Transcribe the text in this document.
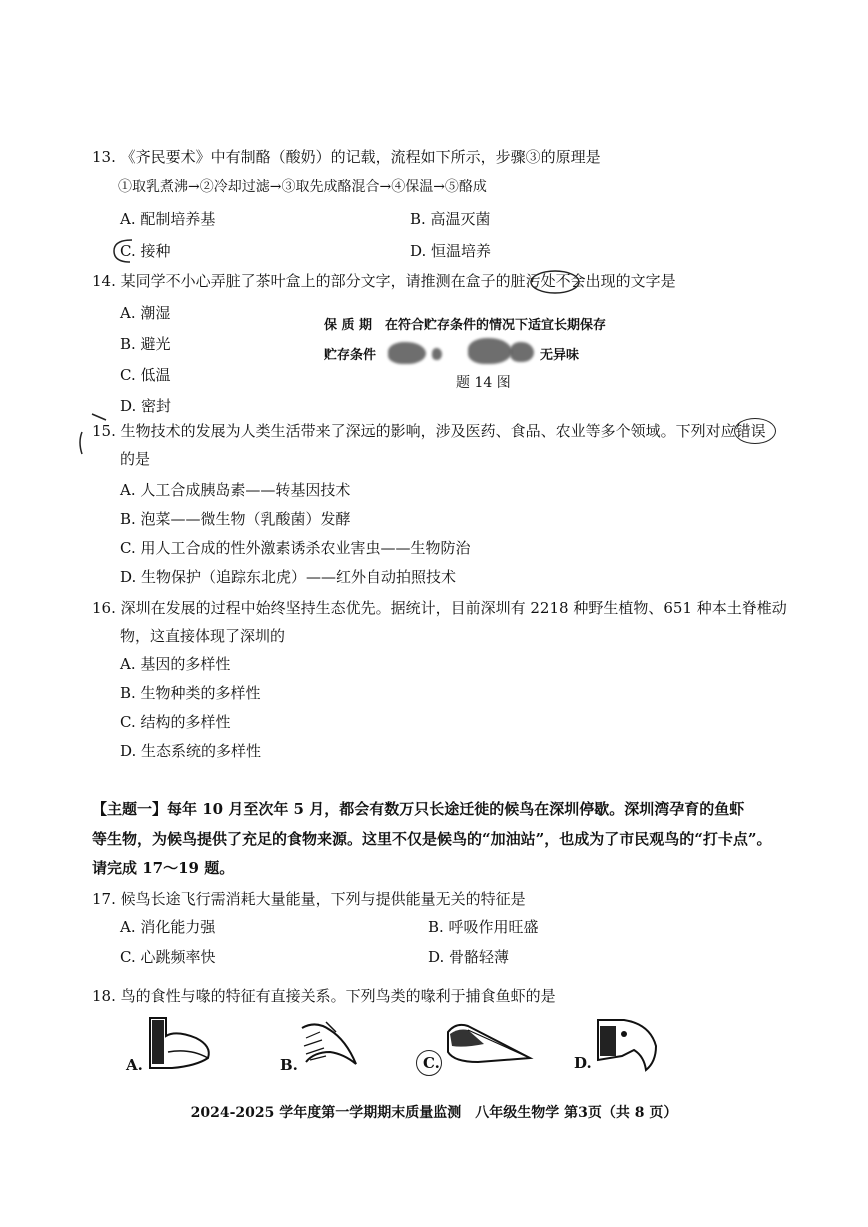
13. 《齐民要术》中有制酪（酸奶）的记载，流程如下所示，步骤③的原理是
①取乳煮沸→②冷却过滤→③取先成酪混合→④保温→⑤酪成
A. 配制培养基	B. 高温灭菌
C. 接种	D. 恒温培养
14. 某同学不小心弄脏了茶叶盒上的部分文字，请推测在盒子的脏污处不会出现的文字是
A. 潮湿
B. 避光
C. 低温
D. 密封
保 质 期　在符合贮存条件的情况下适宜长期保存
贮存条件	无异味
题 14 图
15. 生物技术的发展为人类生活带来了深远的影响，涉及医药、食品、农业等多个领域。下列对应错误
的是
A. 人工合成胰岛素——转基因技术
B. 泡菜——微生物（乳酸菌）发酵
C. 用人工合成的性外激素诱杀农业害虫——生物防治
D. 生物保护（追踪东北虎）——红外自动拍照技术
16. 深圳在发展的过程中始终坚持生态优先。据统计，目前深圳有 2218 种野生植物、651 种本土脊椎动
物，这直接体现了深圳的
A. 基因的多样性
B. 生物种类的多样性
C. 结构的多样性
D. 生态系统的多样性
【主题一】每年 10 月至次年 5 月，都会有数万只长途迁徙的候鸟在深圳停歇。深圳湾孕育的鱼虾
等生物，为候鸟提供了充足的食物来源。这里不仅是候鸟的“加油站”，也成为了市民观鸟的“打卡点”。
请完成 17～19 题。
17. 候鸟长途飞行需消耗大量能量，下列与提供能量无关的特征是
A. 消化能力强	B. 呼吸作用旺盛
C. 心跳频率快	D. 骨骼轻薄
18. 鸟的食性与喙的特征有直接关系。下列鸟类的喙利于捕食鱼虾的是
A.	B.	C.	D.
2024-2025 学年度第一学期期末质量监测　八年级生物学 第3页（共 8 页）
